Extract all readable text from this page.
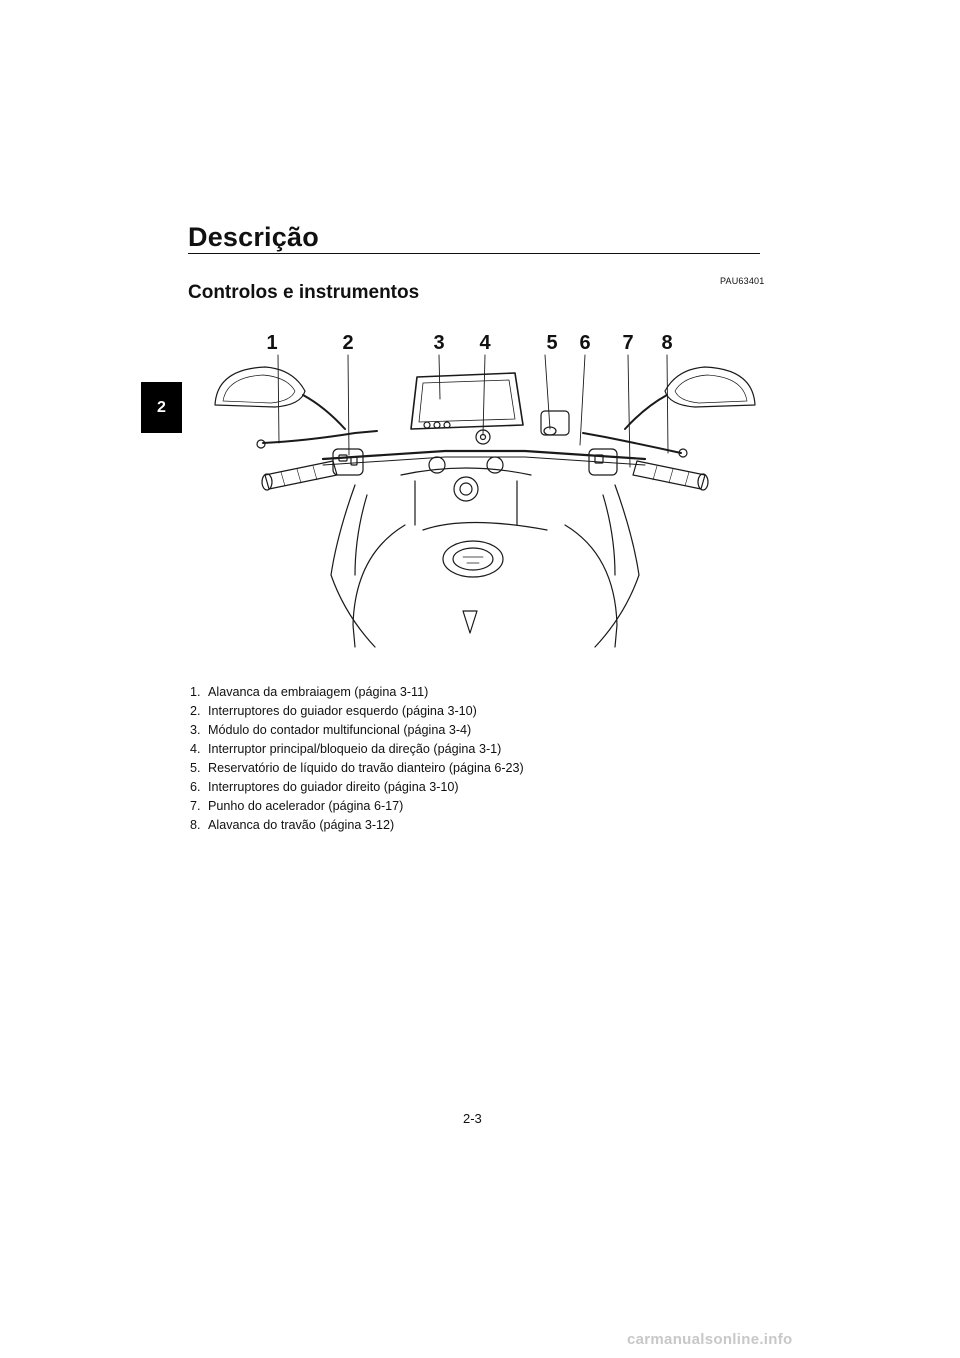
Descrição
2
PAU63401
Controlos e instrumentos
1	2	3 4	5 6 7 8
1. Alavanca da embraiagem (página 3-11)
2. Interruptores do guiador esquerdo (página 3-10)
3. Módulo do contador multifuncional (página 3-4)
4. Interruptor principal/bloqueio da direção (página 3-1)
5. Reservatório de líquido do travão dianteiro (página 6-23)
6. Interruptores do guiador direito (página 3-10)
7. Punho do acelerador (página 6-17)
8. Alavanca do travão (página 3-12)
2-3
carmanualsonline.info
